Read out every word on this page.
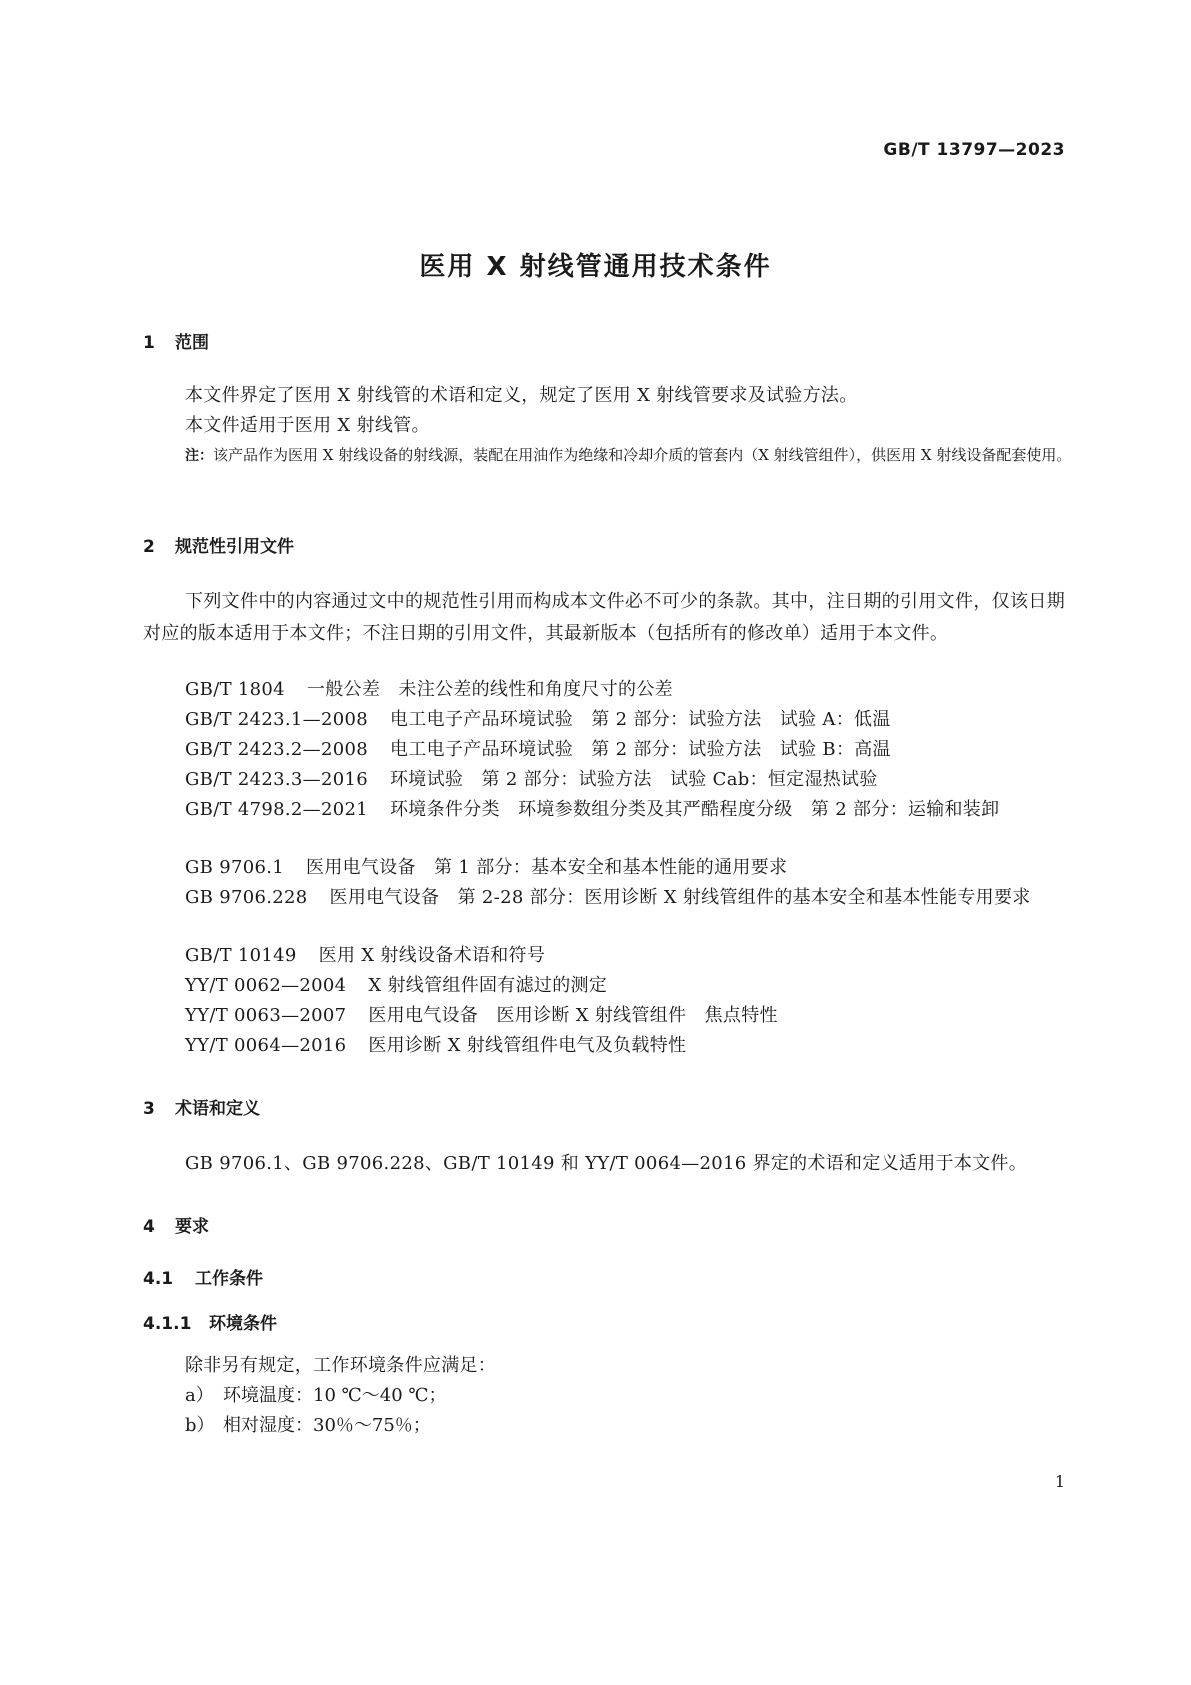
GB/T 13797—2023
医用 X 射线管通用技术条件
1 范围
本文件界定了医用 X 射线管的术语和定义，规定了医用 X 射线管要求及试验方法。
本文件适用于医用 X 射线管。
注：该产品作为医用 X 射线设备的射线源，装配在用油作为绝缘和冷却介质的管套内（X 射线管组件），供医用 X 射线设备配套使用。
2 规范性引用文件
下列文件中的内容通过文中的规范性引用而构成本文件必不可少的条款。其中，注日期的引用文件，仅该日期对应的版本适用于本文件；不注日期的引用文件，其最新版本（包括所有的修改单）适用于本文件。
GB/T 1804 一般公差　未注公差的线性和角度尺寸的公差
GB/T 2423.1—2008 电工电子产品环境试验　第 2 部分：试验方法　试验 A：低温
GB/T 2423.2—2008 电工电子产品环境试验　第 2 部分：试验方法　试验 B：高温
GB/T 2423.3—2016 环境试验　第 2 部分：试验方法　试验 Cab：恒定湿热试验
GB/T 4798.2—2021 环境条件分类　环境参数组分类及其严酷程度分级　第 2 部分：运输和装卸
GB 9706.1 医用电气设备　第 1 部分：基本安全和基本性能的通用要求
GB 9706.228 医用电气设备　第 2-28 部分：医用诊断 X 射线管组件的基本安全和基本性能专用要求
GB/T 10149 医用 X 射线设备术语和符号
YY/T 0062—2004 X 射线管组件固有滤过的测定
YY/T 0063—2007 医用电气设备　医用诊断 X 射线管组件　焦点特性
YY/T 0064—2016 医用诊断 X 射线管组件电气及负载特性
3 术语和定义
GB 9706.1、GB 9706.228、GB/T 10149 和 YY/T 0064—2016 界定的术语和定义适用于本文件。
4 要求
4.1 工作条件
4.1.1 环境条件
除非另有规定，工作环境条件应满足：
a） 环境温度：10 ℃～40 ℃；
b） 相对湿度：30％～75％；
1
